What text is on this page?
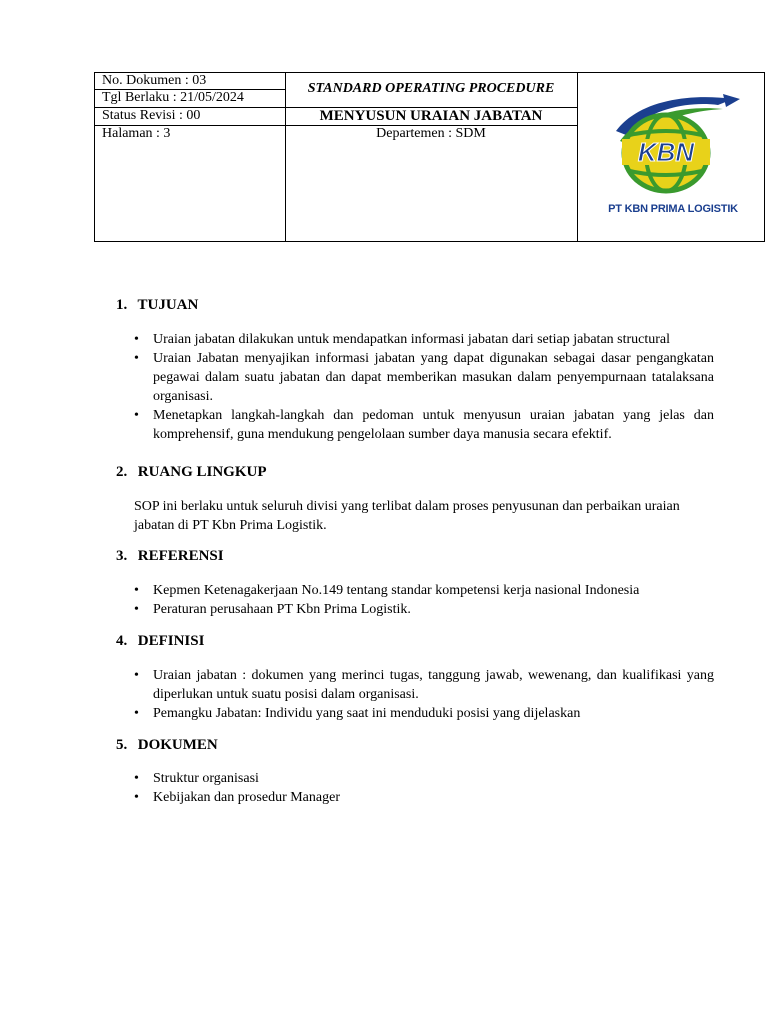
No. Dokumen : 03
Tgl Berlaku : 21/05/2024
Status Revisi : 00
Halaman : 3
STANDARD OPERATING PROCEDURE
MENYUSUN URAIAN JABATAN
Departemen : SDM
KBN
PT KBN PRIMA LOGISTIK
1. TUJUAN
• Uraian jabatan dilakukan untuk mendapatkan informasi jabatan dari setiap jabatan structural
• Uraian Jabatan menyajikan informasi jabatan yang dapat digunakan sebagai dasar pengangkatan pegawai dalam suatu jabatan dan dapat memberikan masukan dalam penyempurnaan tatalaksana organisasi.
• Menetapkan langkah-langkah dan pedoman untuk menyusun uraian jabatan yang jelas dan komprehensif, guna mendukung pengelolaan sumber daya manusia secara efektif.
2. RUANG LINGKUP
SOP ini berlaku untuk seluruh divisi yang terlibat dalam proses penyusunan dan perbaikan uraian jabatan di PT Kbn Prima Logistik.
3. REFERENSI
• Kepmen Ketenagakerjaan No.149 tentang standar kompetensi kerja nasional Indonesia
• Peraturan perusahaan PT Kbn Prima Logistik.
4. DEFINISI
• Uraian jabatan : dokumen yang merinci tugas, tanggung jawab, wewenang, dan kualifikasi yang diperlukan untuk suatu posisi dalam organisasi.
• Pemangku Jabatan: Individu yang saat ini menduduki posisi yang dijelaskan
5. DOKUMEN
• Struktur organisasi
• Kebijakan dan prosedur Manager
